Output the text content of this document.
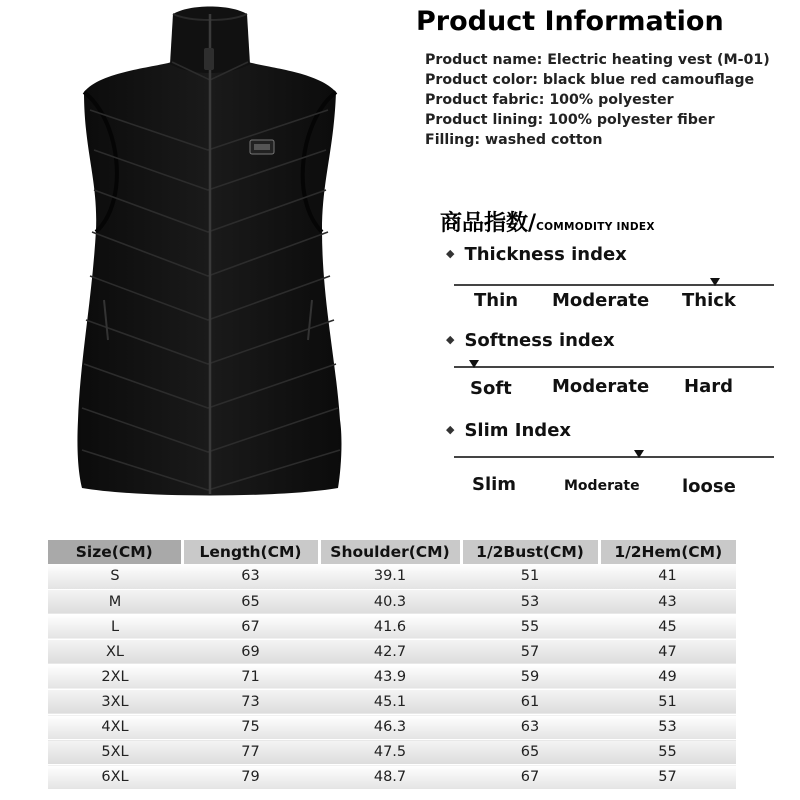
Product Information
Product name: Electric heating vest (M-01)
Product color: black blue red camouflage
Product fabric: 100% polyester
Product lining: 100% polyester fiber
Filling: washed cotton
商品指数/COMMODITY INDEX
◆ Thickness index
Thin Moderate Thick
◆ Softness index
Soft Moderate Hard
◆ Slim Index
Slim	Moderate loose
Size(CM)	Length(CM)	Shoulder(CM)	1/2Bust(CM)	1/2Hem(CM)
S	63	39.1	51	41
M	65	40.3	53	43
L	67	41.6	55	45
XL	69	42.7	57	47
2XL	71	43.9	59	49
3XL	73	45.1	61	51
4XL	75	46.3	63	53
5XL	77	47.5	65	55
6XL	79	48.7	67	57
